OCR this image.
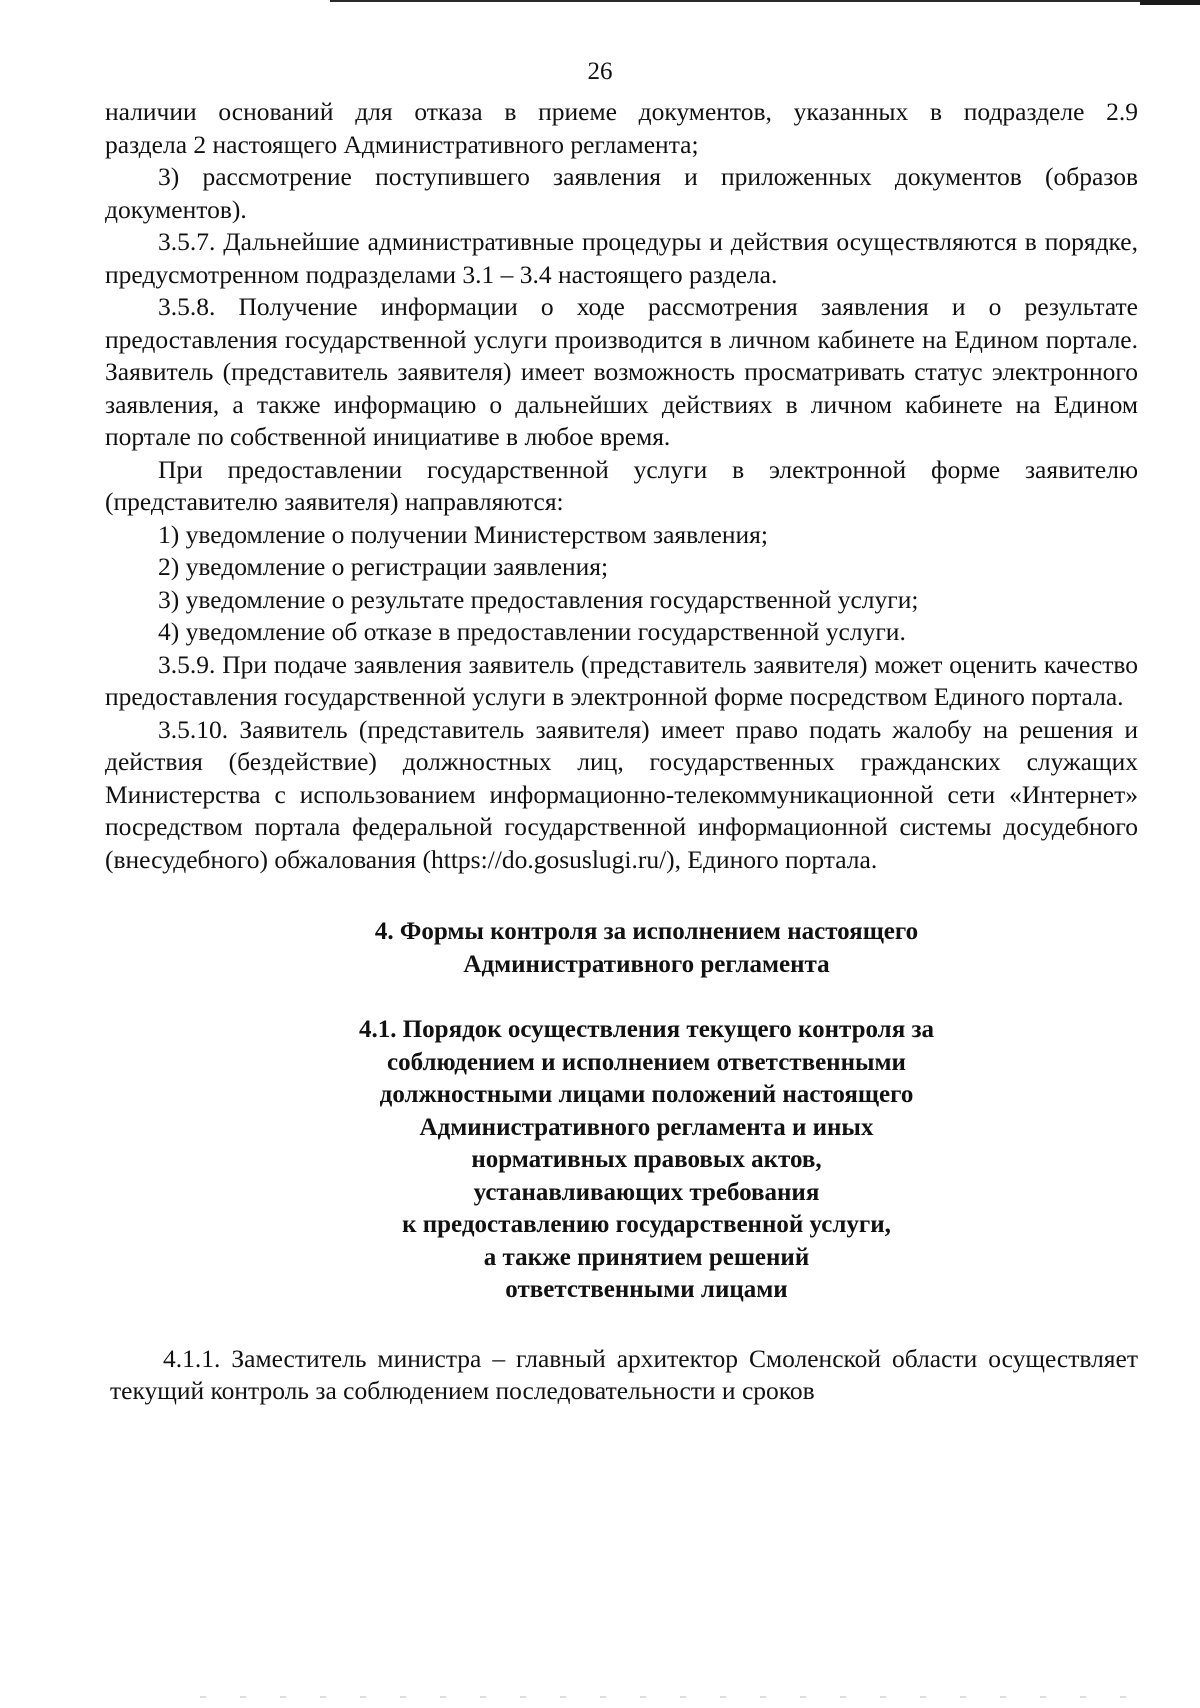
26

наличии оснований для отказа в приеме документов, указанных в подразделе 2.9

раздела 2 настоящего Административного регламента;

3) рассмотрение поступившего заявления и приложенных документов (образов документов).

3.5.7. Дальнейшие административные процедуры и действия осуществляются в порядке, предусмотренном подразделами 3.1 – 3.4 настоящего раздела.

3.5.8. Получение информации о ходе рассмотрения заявления и о результате предоставления государственной услуги производится в личном кабинете на Едином портале. Заявитель (представитель заявителя) имеет возможность просматривать статус электронного заявления, а также информацию о дальнейших действиях в личном кабинете на Едином портале по собственной инициативе в любое время.

При предоставлении государственной услуги в электронной форме заявителю (представителю заявителя) направляются:

1) уведомление о получении Министерством заявления;

2) уведомление о регистрации заявления;

3) уведомление о результате предоставления государственной услуги;

4) уведомление об отказе в предоставлении государственной услуги.

3.5.9. При подаче заявления заявитель (представитель заявителя) может оценить качество предоставления государственной услуги в электронной форме посредством Единого портала.

3.5.10. Заявитель (представитель заявителя) имеет право подать жалобу на решения и действия (бездействие) должностных лиц, государственных гражданских служащих Министерства с использованием информационно-телекоммуникационной сети «Интернет» посредством портала федеральной государственной информационной системы досудебного (внесудебного) обжалования (https://do.gosuslugi.ru/), Единого портала.

4. Формы контроля за исполнением настоящего
Административного регламента
4.1. Порядок осуществления текущего контроля за
соблюдением и исполнением ответственными
должностными лицами положений настоящего
Административного регламента и иных
нормативных правовых актов,
устанавливающих требования
к предоставлению государственной услуги,
а также принятием решений
ответственными лицами

4.1.1. Заместитель министра – главный архитектор Смоленской области осуществляет текущий контроль за соблюдением последовательности и сроков
